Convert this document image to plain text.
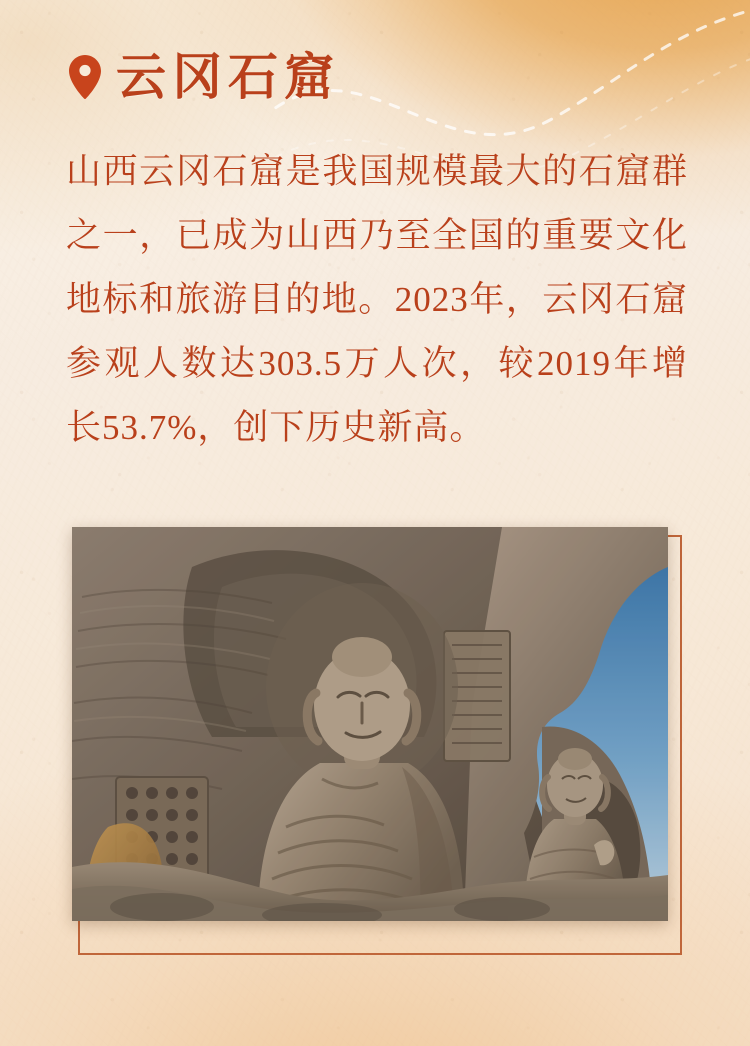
云冈石窟
山西云冈石窟是我国规模最大的石窟群之一，已成为山西乃至全国的重要文化地标和旅游目的地。2023年，云冈石窟参观人数达303.5万人次，较2019年增长53.7%，创下历史新高。
